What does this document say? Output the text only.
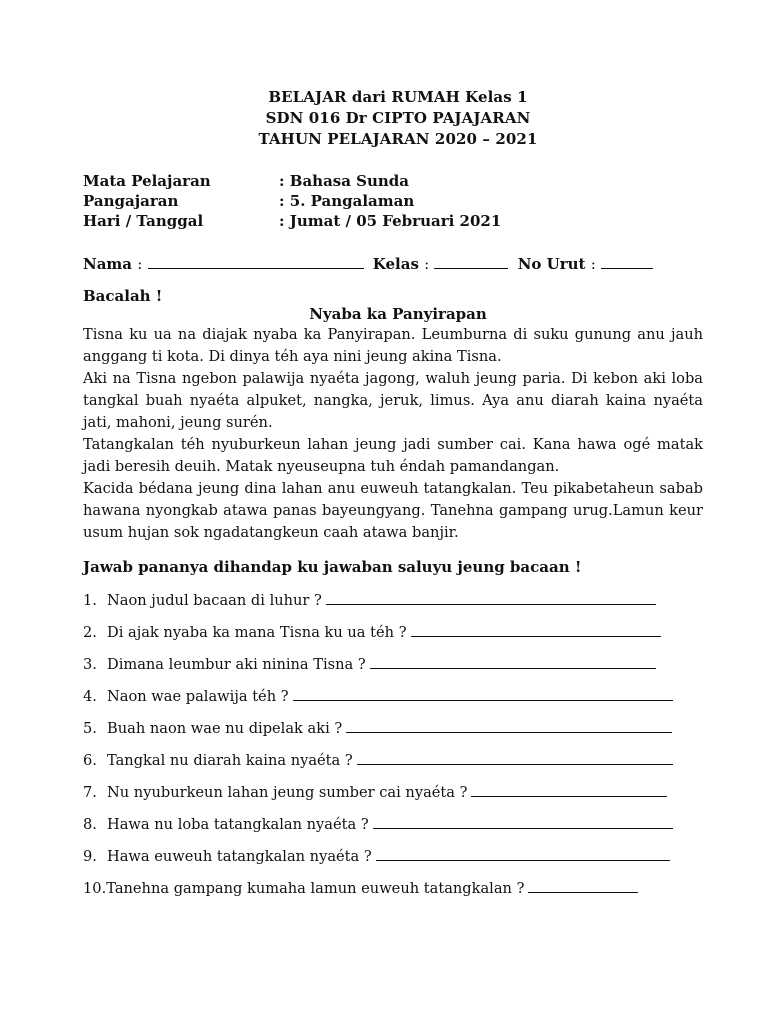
BELAJAR dari RUMAH Kelas 1
SDN 016 Dr CIPTO PAJAJARAN
TAHUN PELAJARAN 2020 – 2021
Mata Pelajaran	: Bahasa Sunda
Pangajaran	: 5. Pangalaman
Hari / Tanggal	: Jumat / 05 Februari 2021
Nama :	Kelas :	No Urut :
Bacalah !
Nyaba ka Panyirapan

Tisna ku ua na diajak nyaba ka Panyirapan. Leumburna di suku gunung anu jauh anggang ti kota. Di dinya téh aya nini jeung akina Tisna.

Aki na Tisna ngebon palawija nyaéta jagong, waluh jeung paria. Di kebon aki loba tangkal buah nyaéta alpuket, nangka, jeruk, limus. Aya anu diarah kaina nyaéta jati, mahoni, jeung surén.

Tatangkalan téh nyuburkeun lahan jeung jadi sumber cai. Kana hawa ogé matak jadi beresih deuih. Matak nyeuseupna tuh éndah pamandangan.

Kacida bédana jeung dina lahan anu euweuh tatangkalan. Teu pikabetaheun sabab hawana nyongkab atawa panas bayeungyang. Tanehna gampang urug.Lamun keur usum hujan sok ngadatangkeun caah atawa banjir.

Jawab pananya dihandap ku jawaban saluyu jeung bacaan !
1. Naon judul bacaan di luhur ?
2. Di ajak nyaba ka mana Tisna ku ua téh ?
3. Dimana leumbur aki ninina Tisna ?
4. Naon wae palawija téh ?
5. Buah naon wae nu dipelak aki ?
6. Tangkal nu diarah kaina nyaéta ?
7. Nu nyuburkeun lahan jeung sumber cai nyaéta ?
8. Hawa nu loba tatangkalan nyaéta ?
9. Hawa euweuh tatangkalan nyaéta ?
10.Tanehna gampang kumaha lamun euweuh tatangkalan ?
